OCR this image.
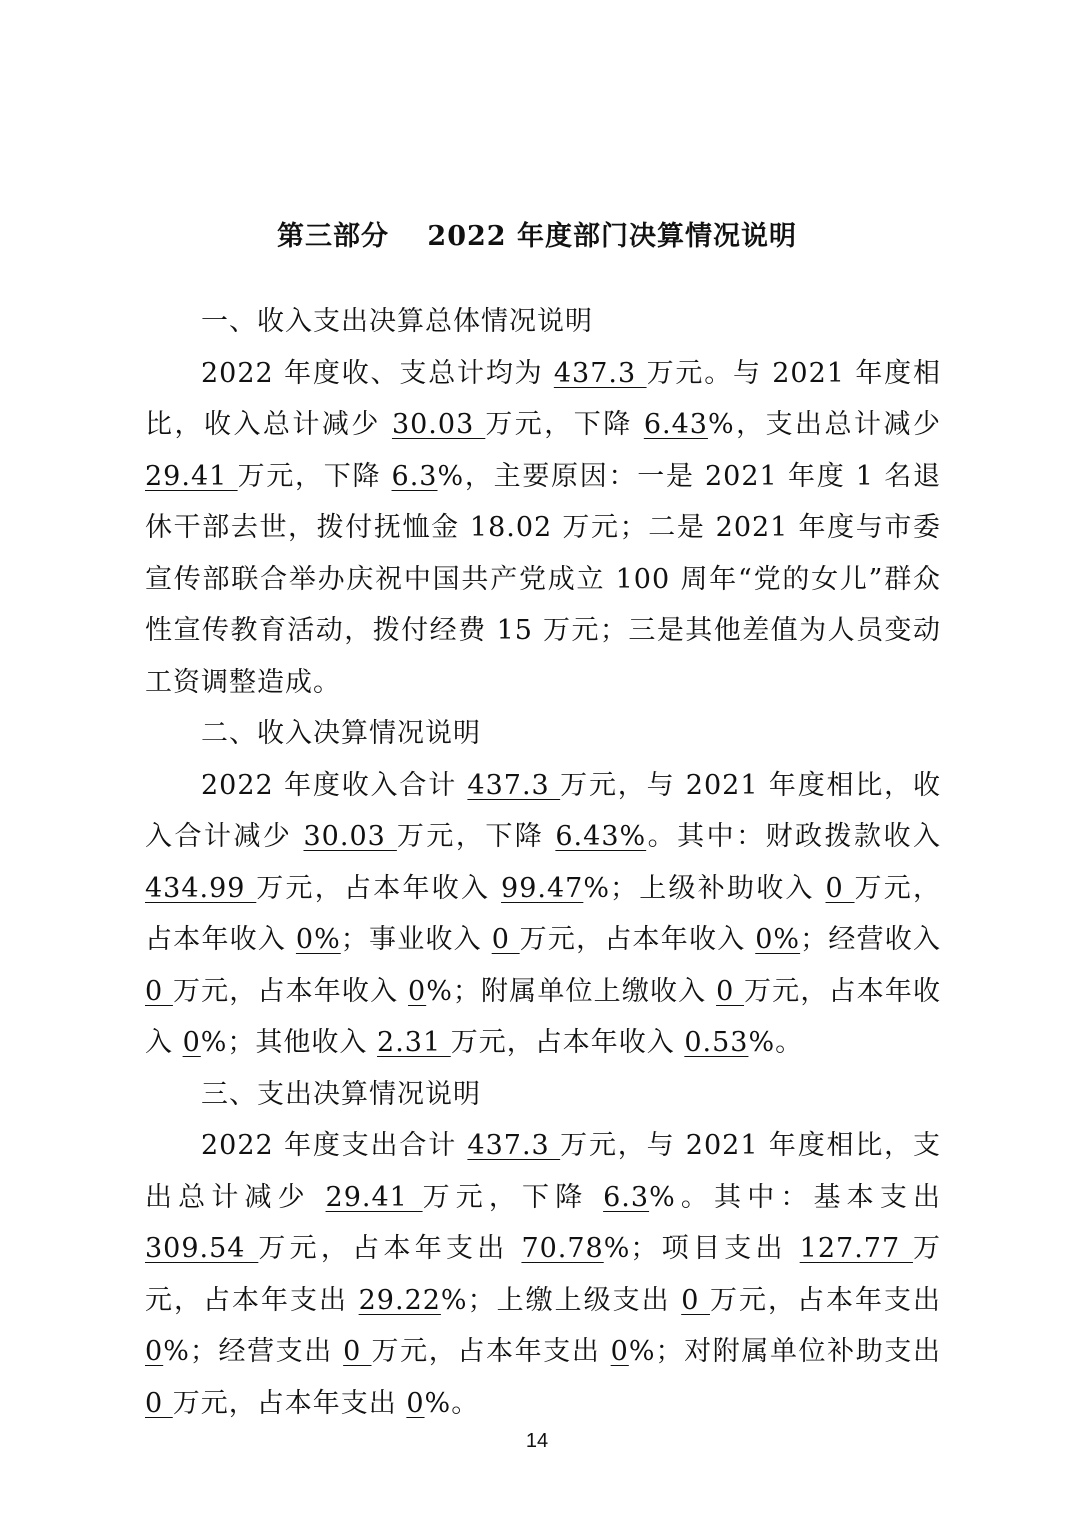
第三部分　 2022 年度部门决算情况说明

一、收入支出决算总体情况说明

2022 年度收、支总计均为 437.3 万元。与 2021 年度相比，收入总计减少 30.03 万元，下降 6.43%，支出总计减少 29.41 万元，下降 6.3%，主要原因：一是 2021 年度 1 名退休干部去世，拨付抚恤金 18.02 万元；二是 2021 年度与市委宣传部联合举办庆祝中国共产党成立 100 周年“党的女儿”群众性宣传教育活动，拨付经费 15 万元；三是其他差值为人员变动工资调整造成。

二、收入决算情况说明

2022 年度收入合计 437.3 万元，与 2021 年度相比，收入合计减少 30.03 万元，下降 6.43%。其中：财政拨款收入 434.99 万元，占本年收入 99.47%；上级补助收入 0 万元，占本年收入 0%；事业收入 0 万元，占本年收入 0%；经营收入 0 万元，占本年收入 0%；附属单位上缴收入 0 万元，占本年收入 0%；其他收入 2.31 万元，占本年收入 0.53%。

三、支出决算情况说明

2022 年度支出合计 437.3 万元，与 2021 年度相比，支出总计减少 29.41 万元，下降 6.3%。其中：基本支出 309.54 万元，占本年支出 70.78%；项目支出 127.77 万元，占本年支出 29.22%；上缴上级支出 0 万元，占本年支出 0%；经营支出 0 万元，占本年支出 0%；对附属单位补助支出 0 万元，占本年支出 0%。

14
